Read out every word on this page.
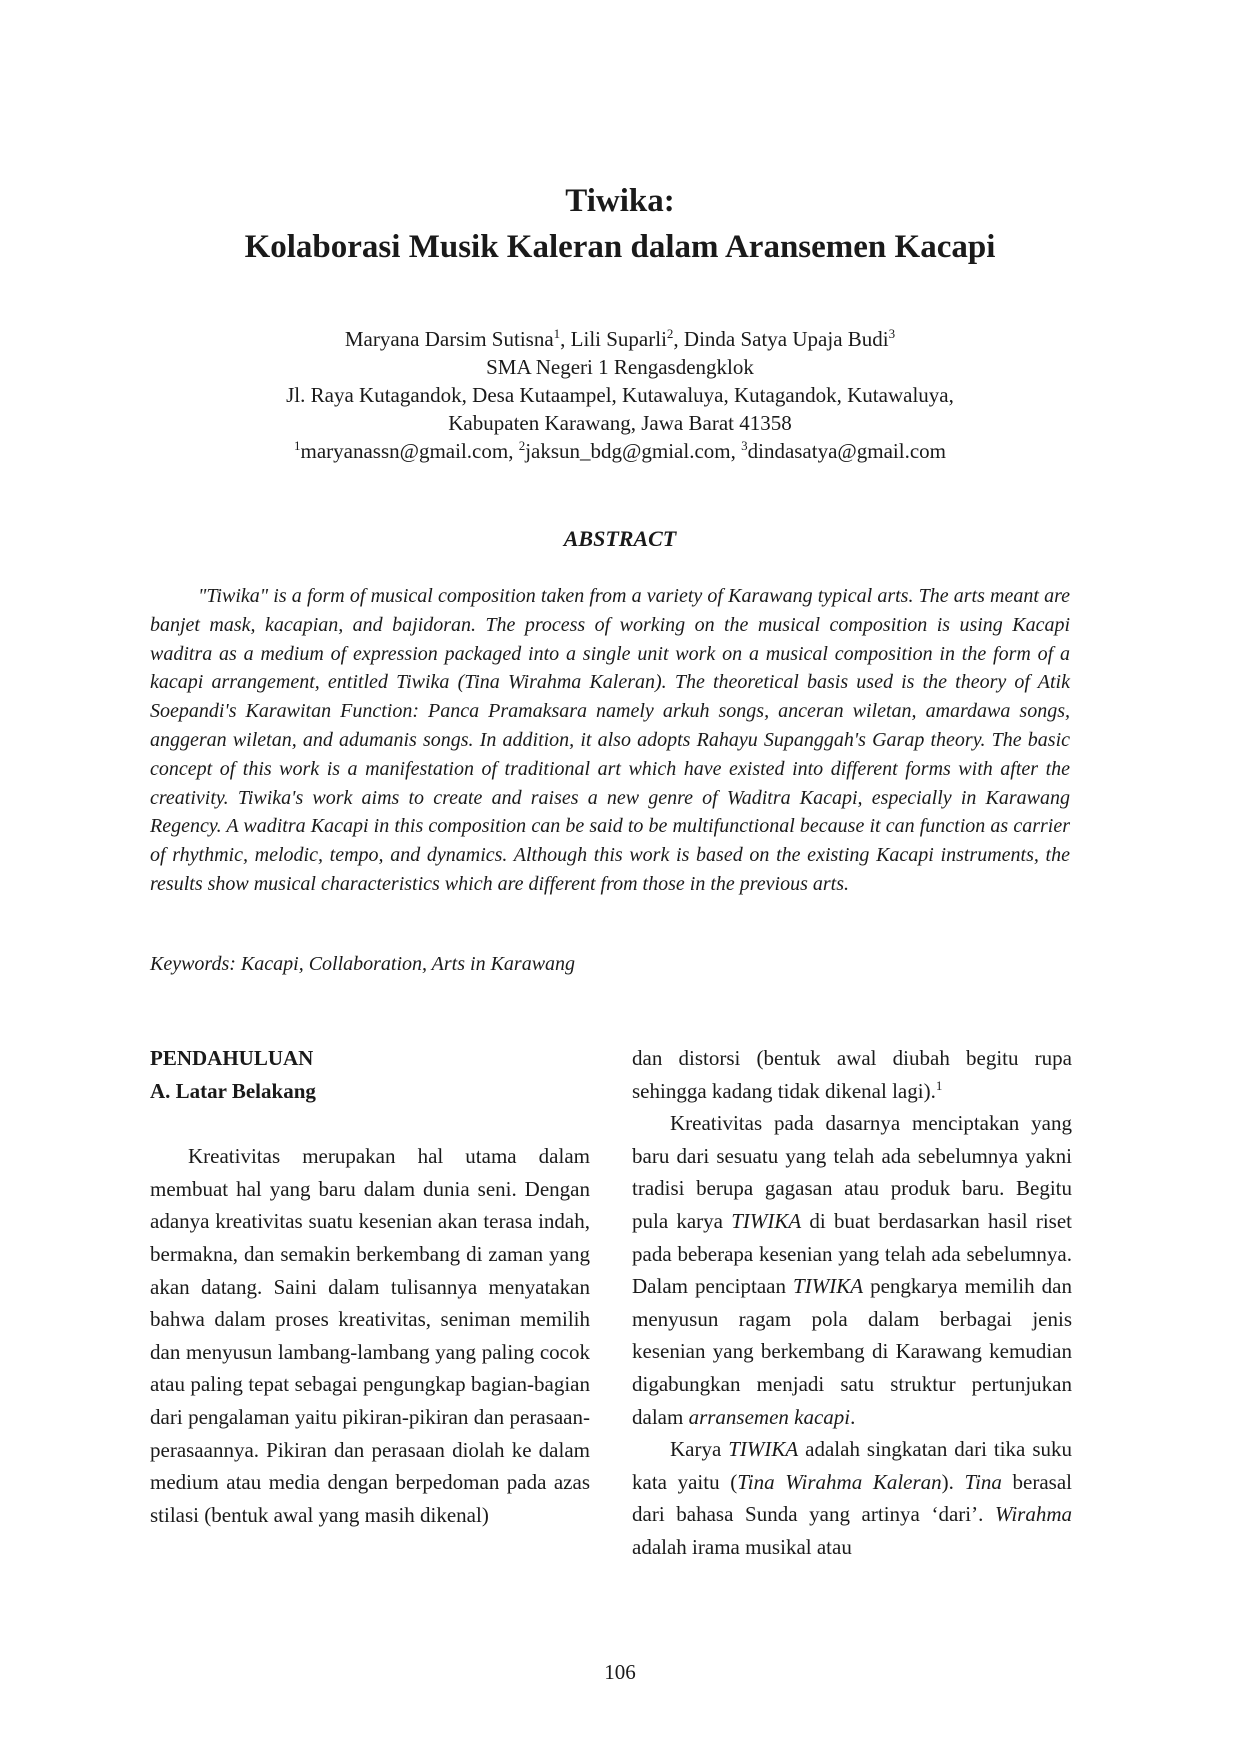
Tiwika:
Kolaborasi Musik Kaleran dalam Aransemen Kacapi
Maryana Darsim Sutisna$^1$, Lili Suparli$^2$, Dinda Satya Upaja Budi$^3$
SMA Negeri 1 Rengasdengklok
Jl. Raya Kutagandok, Desa Kutaampel, Kutawaluya, Kutagandok, Kutawaluya,
Kabupaten Karawang, Jawa Barat 41358
$^1$maryanassn@gmail.com, $^2$jaksun_bdg@gmial.com, $^3$dindasatya@gmail.com
ABSTRACT

"Tiwika" is a form of musical composition taken from a variety of Karawang typical arts. The arts meant are banjet mask, kacapian, and bajidoran. The process of working on the musical composition is using Kacapi waditra as a medium of expression packaged into a single unit work on a musical composition in the form of a kacapi arrangement, entitled Tiwika (Tina Wirahma Kaleran). The theoretical basis used is the theory of Atik Soepandi's Karawitan Function: Panca Pramaksara namely arkuh songs, anceran wiletan, amardawa songs, anggeran wiletan, and adumanis songs. In addition, it also adopts Rahayu Supanggah's Garap theory. The basic concept of this work is a manifestation of traditional art which have existed into different forms with after the creativity. Tiwika's work aims to create and raises a new genre of Waditra Kacapi, especially in Karawang Regency. A waditra Kacapi in this composition can be said to be multifunctional because it can function as carrier of rhythmic, melodic, tempo, and dynamics. Although this work is based on the existing Kacapi instruments, the results show musical characteristics which are different from those in the previous arts.

Keywords: Kacapi, Collaboration, Arts in Karawang

PENDAHULUAN

A. Latar Belakang

Kreativitas merupakan hal utama dalam membuat hal yang baru dalam dunia seni. Dengan adanya kreativitas suatu kesenian akan terasa indah, bermakna, dan semakin berkembang di zaman yang akan datang. Saini dalam tulisannya menyatakan bahwa dalam proses kreativitas, seniman memilih dan menyusun lambang-lambang yang paling cocok atau paling tepat sebagai pengungkap bagian-bagian dari pengalaman yaitu pikiran-pikiran dan perasaan-perasaannya. Pikiran dan perasaan diolah ke dalam medium atau media dengan berpedoman pada azas stilasi (bentuk awal yang masih dikenal)

dan distorsi (bentuk awal diubah begitu rupa sehingga kadang tidak dikenal lagi).$^1$

Kreativitas pada dasarnya menciptakan yang baru dari sesuatu yang telah ada sebelumnya yakni tradisi berupa gagasan atau produk baru. Begitu pula karya TIWIKA di buat berdasarkan hasil riset pada beberapa kesenian yang telah ada sebelumnya. Dalam penciptaan TIWIKA pengkarya memilih dan menyusun ragam pola dalam berbagai jenis kesenian yang berkembang di Karawang kemudian digabungkan menjadi satu struktur pertunjukan dalam arransemen kacapi.

Karya TIWIKA adalah singkatan dari tika suku kata yaitu (Tina Wirahma Kaleran). Tina berasal dari bahasa Sunda yang artinya ‘dari’. Wirahma adalah irama musikal atau

106
